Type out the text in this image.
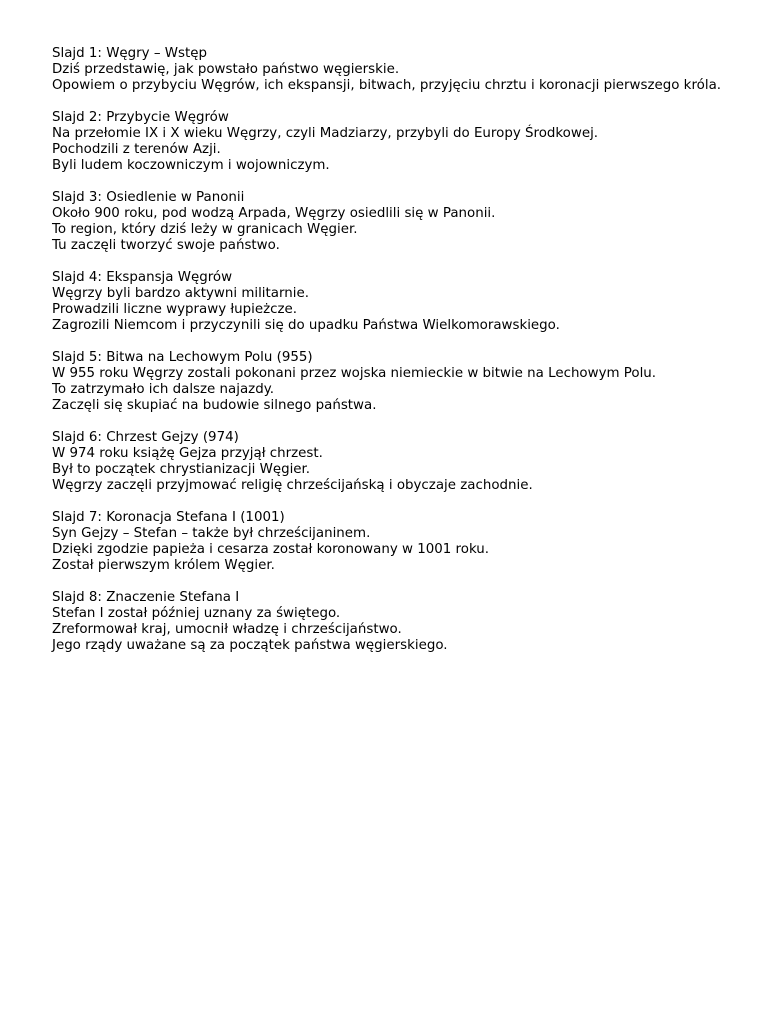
Slajd 1: Węgry – Wstęp
Dziś przedstawię, jak powstało państwo węgierskie.
Opowiem o przybyciu Węgrów, ich ekspansji, bitwach, przyjęciu chrztu i koronacji pierwszego króla.
Slajd 2: Przybycie Węgrów
Na przełomie IX i X wieku Węgrzy, czyli Madziarzy, przybyli do Europy Środkowej.
Pochodzili z terenów Azji.
Byli ludem koczowniczym i wojowniczym.
Slajd 3: Osiedlenie w Panonii
Około 900 roku, pod wodzą Arpada, Węgrzy osiedlili się w Panonii.
To region, który dziś leży w granicach Węgier.
Tu zaczęli tworzyć swoje państwo.
Slajd 4: Ekspansja Węgrów
Węgrzy byli bardzo aktywni militarnie.
Prowadzili liczne wyprawy łupieżcze.
Zagrozili Niemcom i przyczynili się do upadku Państwa Wielkomorawskiego.
Slajd 5: Bitwa na Lechowym Polu (955)
W 955 roku Węgrzy zostali pokonani przez wojska niemieckie w bitwie na Lechowym Polu.
To zatrzymało ich dalsze najazdy.
Zaczęli się skupiać na budowie silnego państwa.
Slajd 6: Chrzest Gejzy (974)
W 974 roku książę Gejza przyjął chrzest.
Był to początek chrystianizacji Węgier.
Węgrzy zaczęli przyjmować religię chrześcijańską i obyczaje zachodnie.
Slajd 7: Koronacja Stefana I (1001)
Syn Gejzy – Stefan – także był chrześcijaninem.
Dzięki zgodzie papieża i cesarza został koronowany w 1001 roku.
Został pierwszym królem Węgier.
Slajd 8: Znaczenie Stefana I
Stefan I został później uznany za świętego.
Zreformował kraj, umocnił władzę i chrześcijaństwo.
Jego rządy uważane są za początek państwa węgierskiego.
